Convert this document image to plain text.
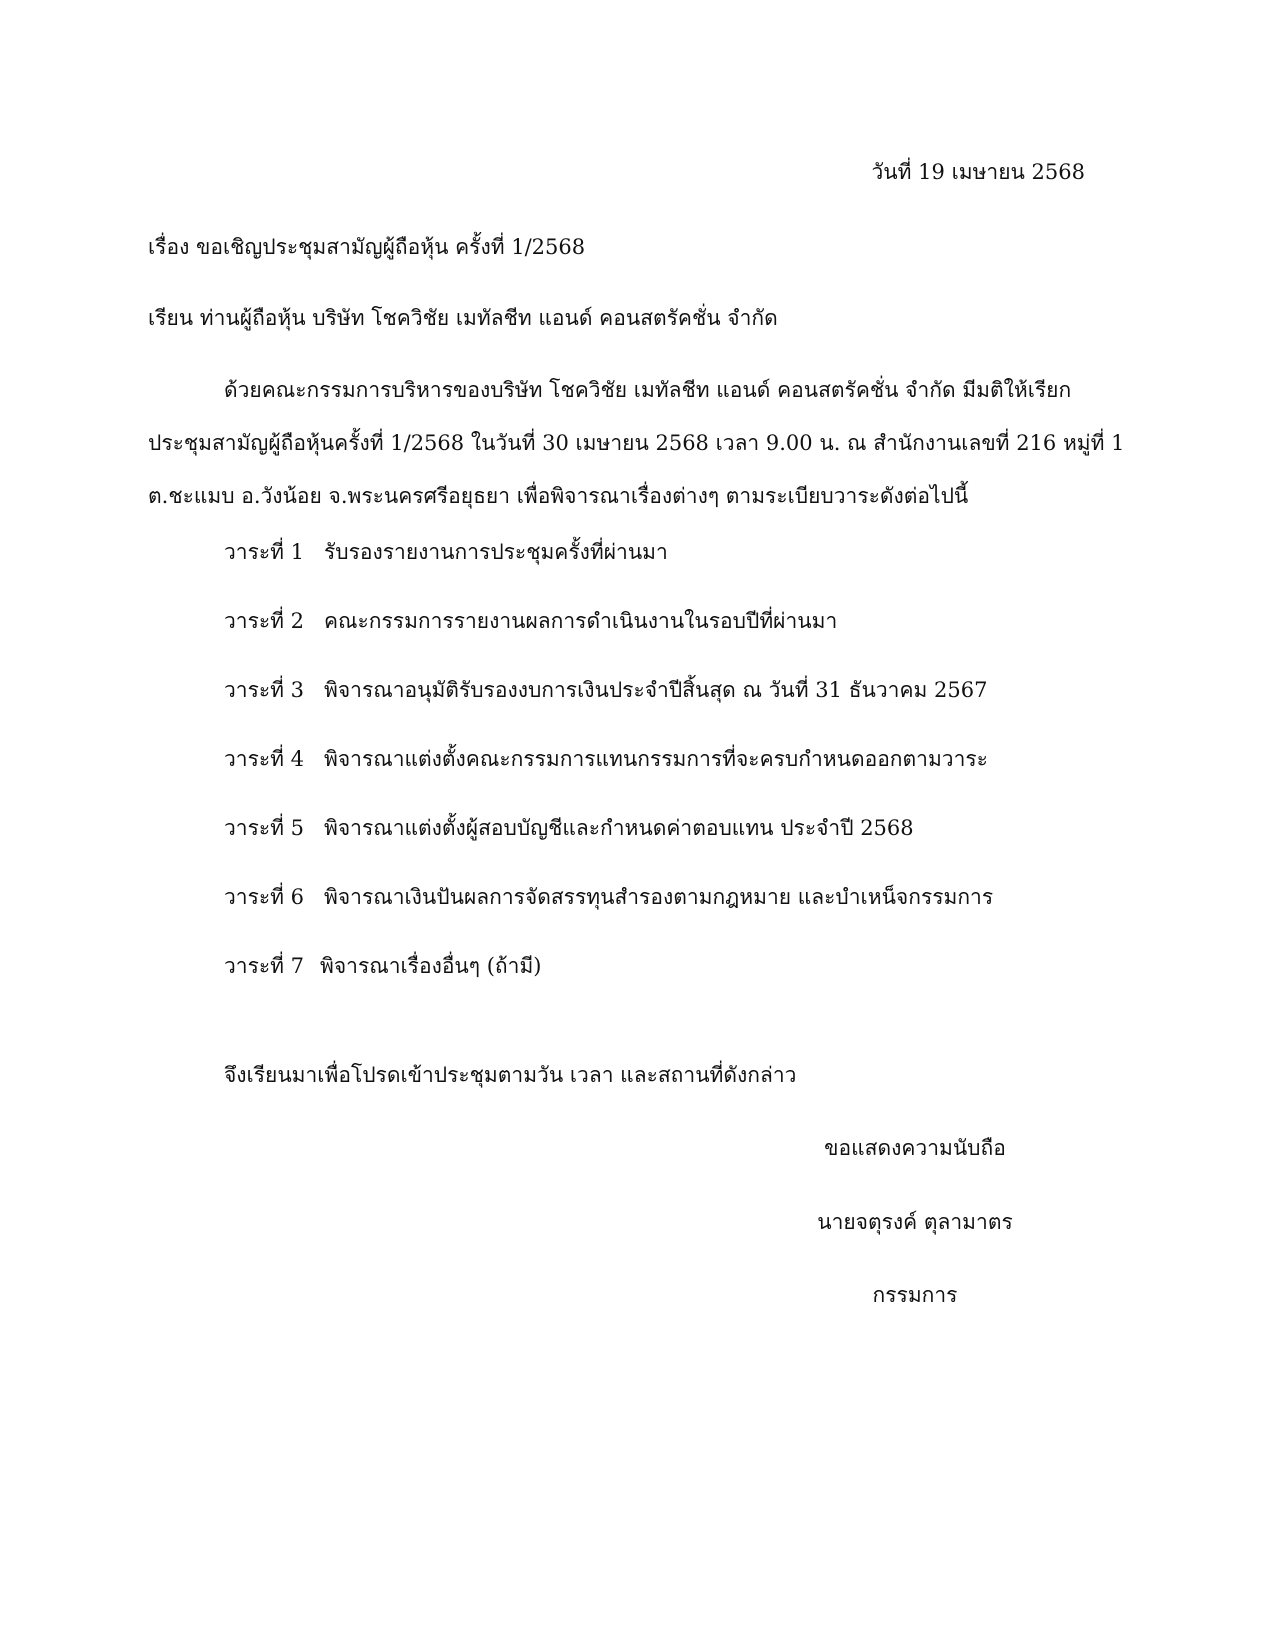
วันที่ 19 เมษายน 2568
เรื่อง ขอเชิญประชุมสามัญผู้ถือหุ้น ครั้งที่ 1/2568
เรียน ท่านผู้ถือหุ้น บริษัท โชควิชัย เมทัลชีท แอนด์ คอนสตรัคชั่น จำกัด
ด้วยคณะกรรมการบริหารของบริษัท โชควิชัย เมทัลชีท แอนด์ คอนสตรัคชั่น จำกัด มีมติให้เรียก
ประชุมสามัญผู้ถือหุ้นครั้งที่ 1/2568 ในวันที่ 30 เมษายน 2568 เวลา 9.00 น. ณ สำนักงานเลขที่ 216 หมู่ที่ 1
ต.ชะแมบ อ.วังน้อย จ.พระนครศรีอยุธยา เพื่อพิจารณาเรื่องต่างๆ ตามระเบียบวาระดังต่อไปนี้
วาระที่ 1 รับรองรายงานการประชุมครั้งที่ผ่านมา
วาระที่ 2 คณะกรรมการรายงานผลการดำเนินงานในรอบปีที่ผ่านมา
วาระที่ 3 พิจารณาอนุมัติรับรองงบการเงินประจำปีสิ้นสุด ณ วันที่ 31 ธันวาคม 2567
วาระที่ 4 พิจารณาแต่งตั้งคณะกรรมการแทนกรรมการที่จะครบกำหนดออกตามวาระ
วาระที่ 5 พิจารณาแต่งตั้งผู้สอบบัญชีและกำหนดค่าตอบแทน ประจำปี 2568
วาระที่ 6 พิจารณาเงินปันผลการจัดสรรทุนสำรองตามกฎหมาย และบำเหน็จกรรมการ
วาระที่ 7 พิจารณาเรื่องอื่นๆ (ถ้ามี)
จึงเรียนมาเพื่อโปรดเข้าประชุมตามวัน เวลา และสถานที่ดังกล่าว
ขอแสดงความนับถือ
นายจตุรงค์ ตุลามาตร
กรรมการ
